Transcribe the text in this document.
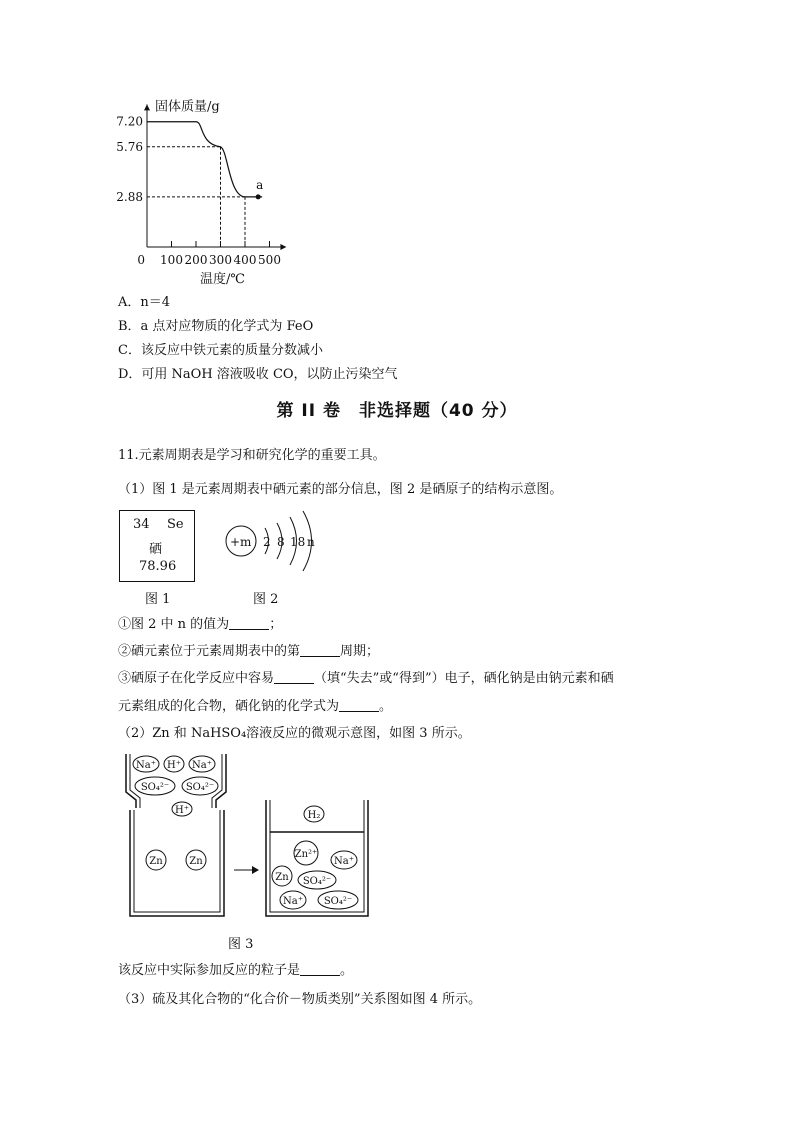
固体质量/g
温度/℃
0 100 200 300 400 500
2.88
5.76
7.20
a
A．n＝4
B．a 点对应物质的化学式为 FeO
C．该反应中铁元素的质量分数减小
D．可用 NaOH 溶液吸收 CO，以防止污染空气
第 II 卷 非选择题（40 分）
11.元素周期表是学习和研究化学的重要工具。
（1）图 1 是元素周期表中硒元素的部分信息，图 2 是硒原子的结构示意图。
34 Se
硒
78.96
图 1
+m 2 8 18 n
图 2
①图 2 中 n 的值为	；
②硒元素位于元素周期表中的第	周期；
③硒原子在化学反应中容易	（填“失去”或“得到”）电子，硒化钠是由钠元素和硒
元素组成的化合物，硒化钠的化学式为	。
（2）Zn 和 NaHSO₄溶液反应的微观示意图，如图 3 所示。
Na⁺ H⁺ Na⁺
SO₄²⁻ SO₄²⁻
H⁺
Zn	Zn
H₂
Zn²⁺
Na⁺
Zn SO₄²⁻
Na⁺ SO₄²⁻
图 3
该反应中实际参加反应的粒子是	。
（3）硫及其化合物的“化合价－物质类别”关系图如图 4 所示。
